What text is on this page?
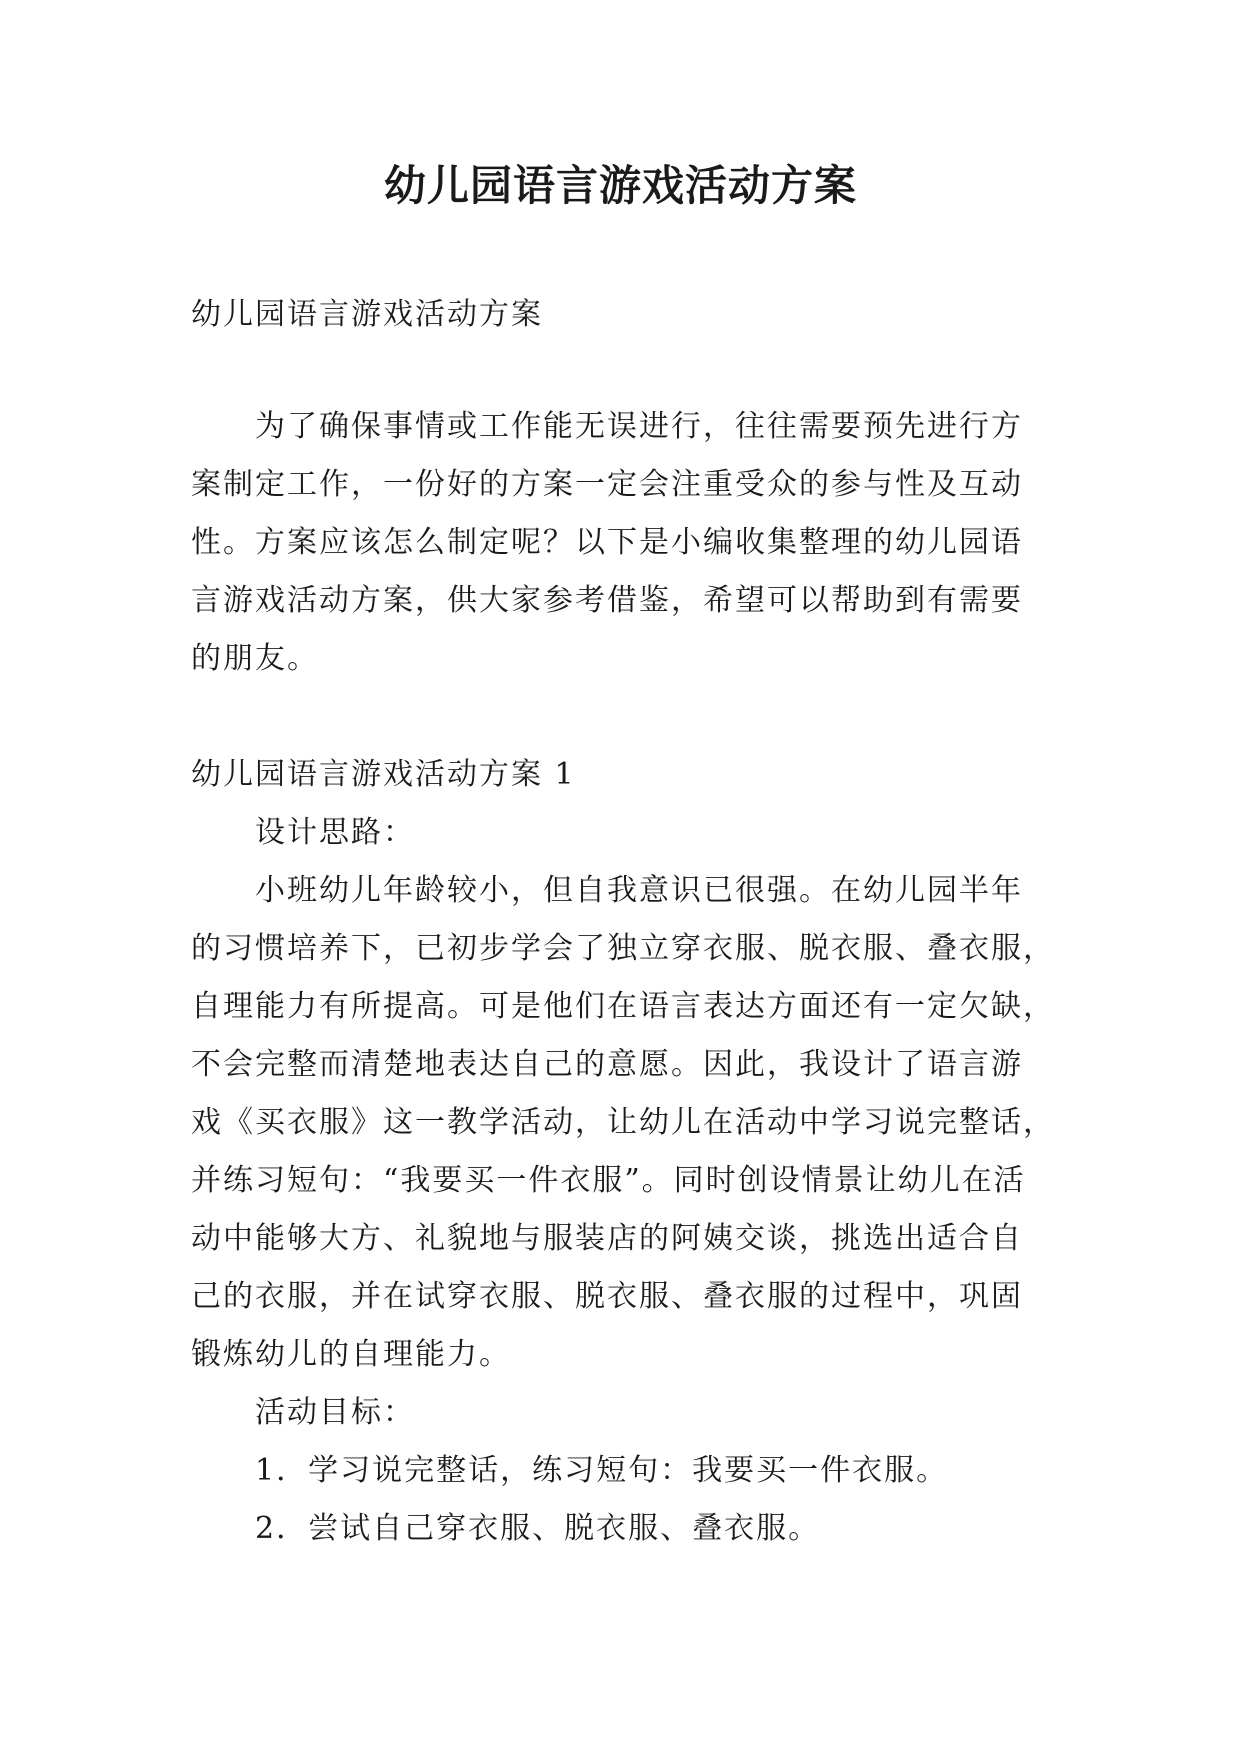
幼儿园语言游戏活动方案
幼儿园语言游戏活动方案
为了确保事情或工作能无误进行，往往需要预先进行方
案制定工作，一份好的方案一定会注重受众的参与性及互动
性。方案应该怎么制定呢？以下是小编收集整理的幼儿园语
言游戏活动方案，供大家参考借鉴，希望可以帮助到有需要
的朋友。
幼儿园语言游戏活动方案 1
设计思路：
小班幼儿年龄较小，但自我意识已很强。在幼儿园半年
的习惯培养下，已初步学会了独立穿衣服、脱衣服、叠衣服，
自理能力有所提高。可是他们在语言表达方面还有一定欠缺，
不会完整而清楚地表达自己的意愿。因此，我设计了语言游
戏《买衣服》这一教学活动，让幼儿在活动中学习说完整话，
并练习短句：“我要买一件衣服”。同时创设情景让幼儿在活
动中能够大方、礼貌地与服装店的阿姨交谈，挑选出适合自
己的衣服，并在试穿衣服、脱衣服、叠衣服的过程中，巩固
锻炼幼儿的自理能力。
活动目标：
1．学习说完整话，练习短句：我要买一件衣服。
2．尝试自己穿衣服、脱衣服、叠衣服。
